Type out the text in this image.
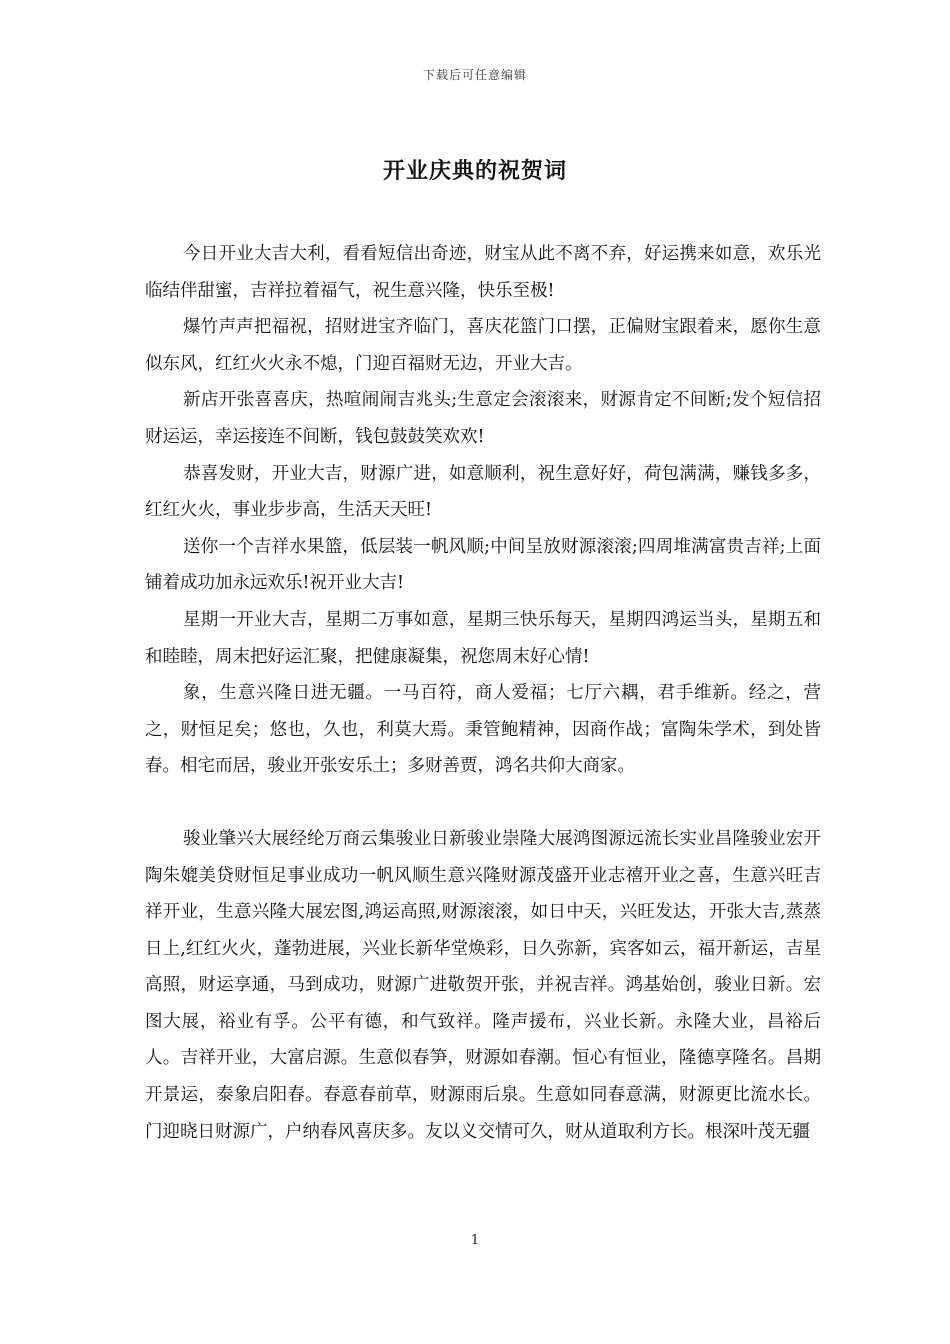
下载后可任意编辑
开业庆典的祝贺词

今日开业大吉大利，看看短信出奇迹，财宝从此不离不弃，好运携来如意，欢乐光临结伴甜蜜，吉祥拉着福气，祝生意兴隆，快乐至极!

爆竹声声把福祝，招财进宝齐临门，喜庆花篮门口摆，正偏财宝跟着来，愿你生意似东风，红红火火永不熄，门迎百福财无边，开业大吉。

新店开张喜喜庆，热喧闹闹吉兆头;生意定会滚滚来，财源肯定不间断;发个短信招财运运，幸运接连不间断，钱包鼓鼓笑欢欢!

恭喜发财，开业大吉，财源广进，如意顺利，祝生意好好，荷包满满，赚钱多多，红红火火，事业步步高，生活天天旺!

送你一个吉祥水果篮，低层装一帆风顺;中间呈放财源滚滚;四周堆满富贵吉祥;上面铺着成功加永远欢乐!祝开业大吉!

星期一开业大吉，星期二万事如意，星期三快乐每天，星期四鸿运当头，星期五和和睦睦，周末把好运汇聚，把健康凝集，祝您周末好心情!

象，生意兴隆日进无疆。一马百符，商人爱福；七厅六耦，君手维新。经之，营之，财恒足矣；悠也，久也，利莫大焉。秉管鲍精神，因商作战；富陶朱学术，到处皆春。相宅而居，骏业开张安乐土；多财善贾，鸿名共仰大商家。

骏业肇兴大展经纶万商云集骏业日新骏业崇隆大展鸿图源远流长实业昌隆骏业宏开陶朱媲美贷财恒足事业成功一帆风顺生意兴隆财源茂盛开业志禧开业之喜，生意兴旺吉祥开业，生意兴隆大展宏图,鸿运高照,财源滚滚，如日中天，兴旺发达，开张大吉,蒸蒸日上,红红火火，蓬勃进展，兴业长新华堂焕彩，日久弥新，宾客如云，福开新运，吉星高照，财运享通，马到成功，财源广进敬贺开张，并祝吉祥。鸿基始创，骏业日新。宏图大展，裕业有孚。公平有德，和气致祥。隆声援布，兴业长新。永隆大业，昌裕后人。吉祥开业，大富启源。生意似春笋，财源如春潮。恒心有恒业，隆德享隆名。昌期开景运，泰象启阳春。春意春前草，财源雨后泉。生意如同春意满，财源更比流水长。门迎晓日财源广，户纳春风喜庆多。友以义交情可久，财从道取利方长。根深叶茂无疆

1
